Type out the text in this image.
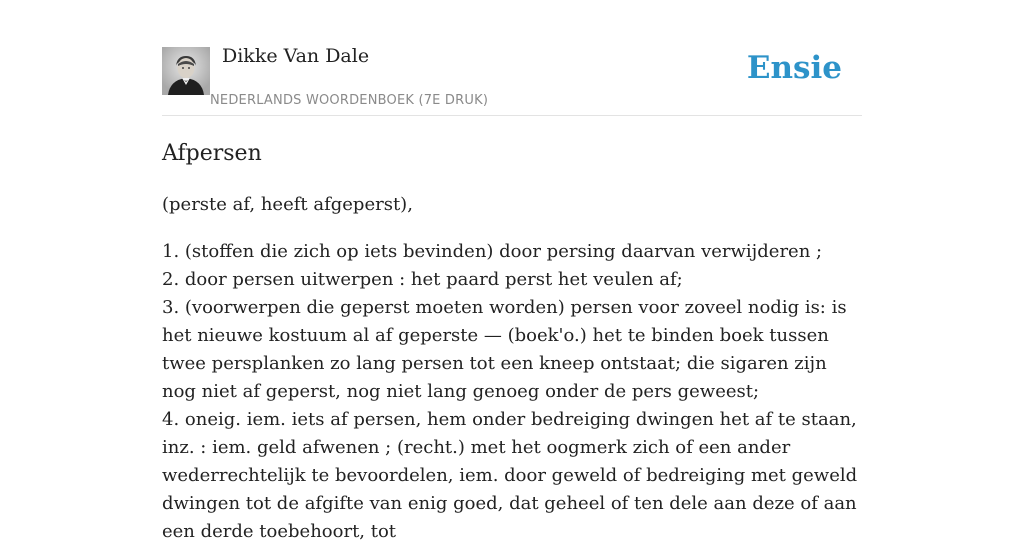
Dikke Van Dale
NEDERLANDS WOORDENBOEK (7E DRUK)
Ensie
Afpersen

(perste af, heeft afgeperst),

1. (stoffen die zich op iets bevinden) door persing daarvan verwijderen ;
2. door persen uitwerpen : het paard perst het veulen af;
3. (voorwerpen die geperst moeten worden) persen voor zoveel nodig is: is het nieuwe kostuum al af geperste — (boek'o.) het te binden boek tussen twee persplanken zo lang persen tot een kneep ontstaat; die sigaren zijn nog niet af geperst, nog niet lang genoeg onder de pers geweest;
4. oneig. iem. iets af persen, hem onder bedreiging dwingen het af te staan, inz. : iem. geld afwenen ; (recht.) met het oogmerk zich of een ander wederrechtelijk te bevoordelen, iem. door geweld of bedreiging met geweld dwingen tot de afgifte van enig goed, dat geheel of ten dele aan deze of aan een derde toebehoort, tot
